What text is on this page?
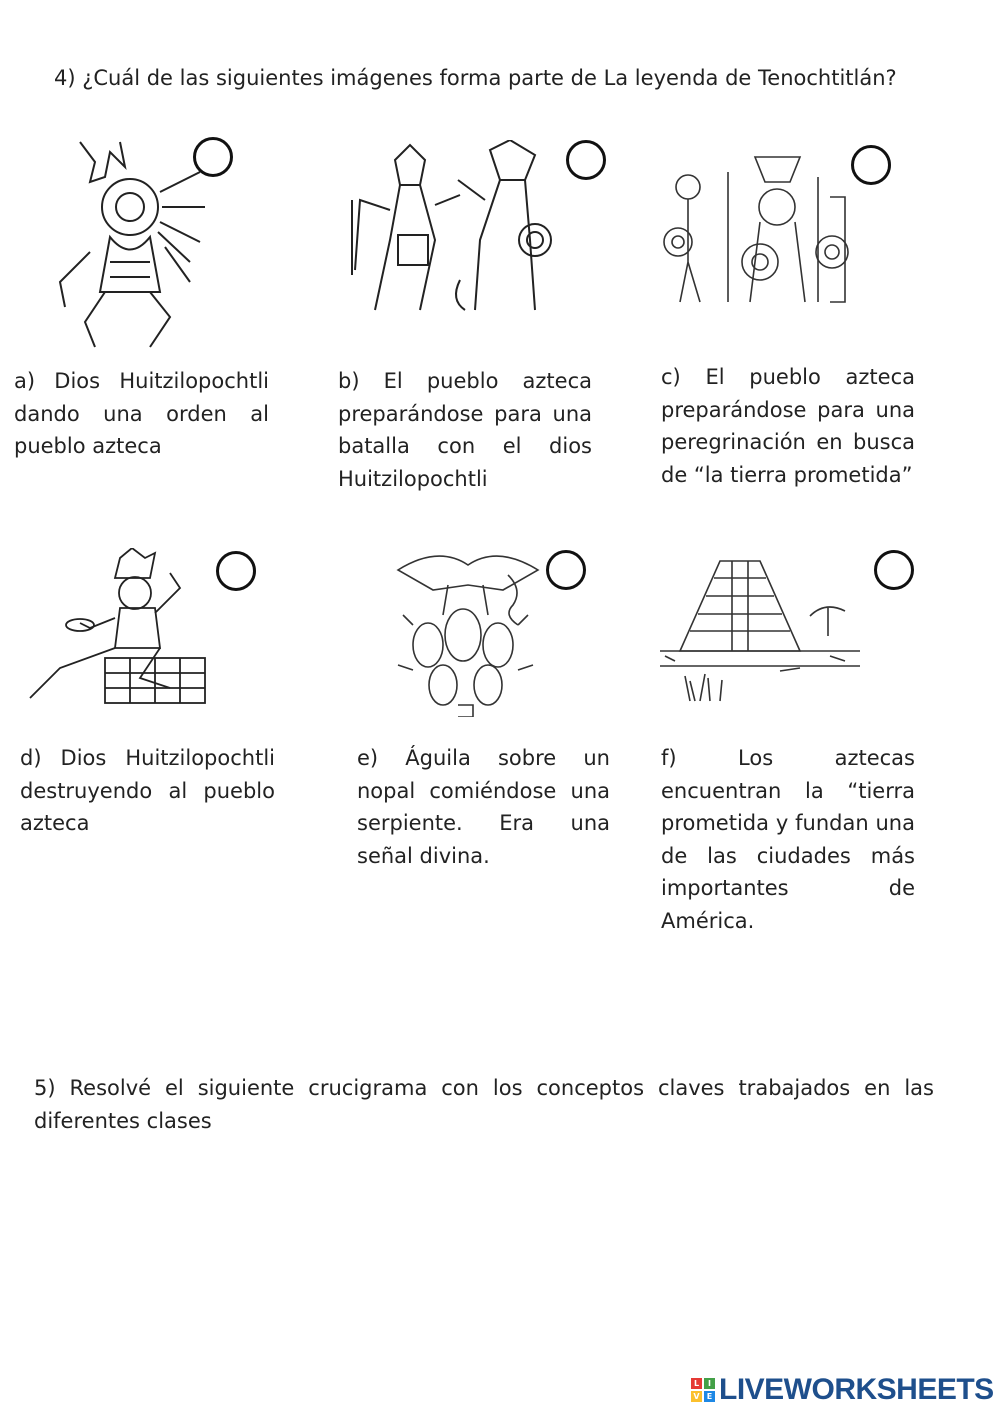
4) ¿Cuál de las siguientes imágenes forma parte de La leyenda de Tenochtitlán?
a) Dios Huitzilopochtli dando una orden al pueblo azteca
b) El pueblo azteca preparándose para una batalla con el dios Huitzilopochtli
c) El pueblo azteca preparándose para una peregrinación en busca de “la tierra prometida”
d) Dios Huitzilopochtli destruyendo al pueblo azteca
e) Águila sobre un nopal comiéndose una serpiente. Era una señal divina.
f) Los aztecas encuentran la “tierra prometida y fundan una de las ciudades más importantes de América.
5) Resolvé el siguiente crucigrama con los conceptos claves trabajados en las diferentes clases
L	I
V E LIVEWORKSHEETS
